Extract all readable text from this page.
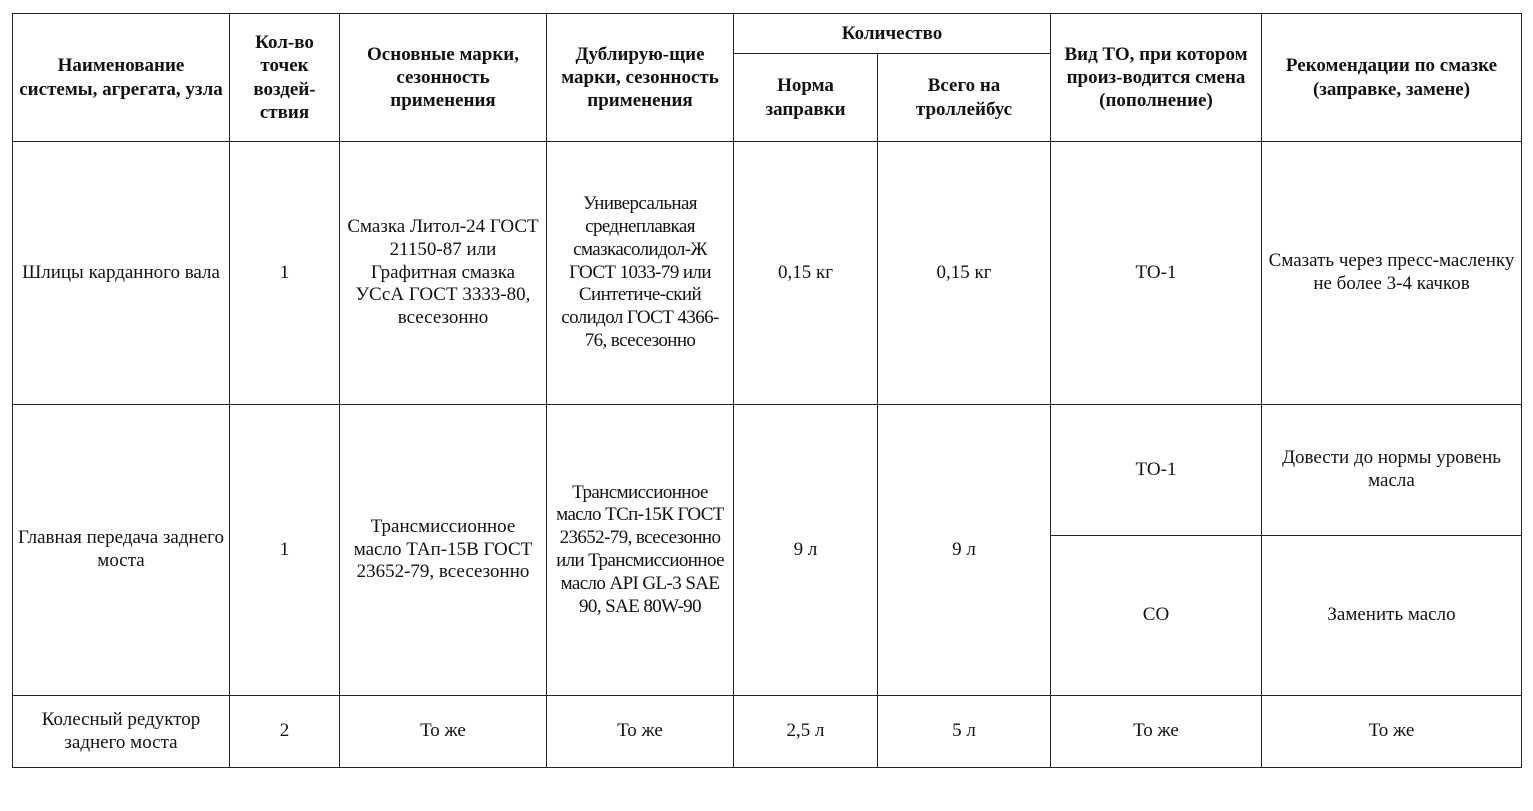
Наименование системы, агрегата, узла	Кол-во точек воздей-ствия	Основные марки, сезонность применения	Дублирую-щие марки, сезонность применения	Количество		Вид ТО, при котором произ-водится смена (пополнение)	Рекомендации по смазке (заправке, замене)
				Норма заправки	Всего на троллейбус		
Шлицы карданного вала	1	Смазка Литол-24 ГОСТ 21150-87 или Графитная смазка УСсА ГОСТ 3333-80, всесезонно	Универсальная среднеплавкая смазкасолидол-Ж ГОСТ 1033-79 или Синтетиче-ский солидол ГОСТ 4366-76, всесезонно	0,15 кг	0,15 кг	ТО-1	Смазать через пресс-масленку не более 3-4 качков
Главная передача заднего моста	1	Трансмиссионное масло ТАп-15В ГОСТ 23652-79, всесезонно	Трансмиссионное масло ТСп-15К ГОСТ 23652-79, всесезонно или Трансмиссионное масло API GL-3 SAE 90, SAE 80W-90	9 л	9 л	ТО-1	Довести до нормы уровень масла
						СО	Заменить масло
Колесный редуктор заднего моста	2	То же	То же	2,5 л	5 л	То же	То же
